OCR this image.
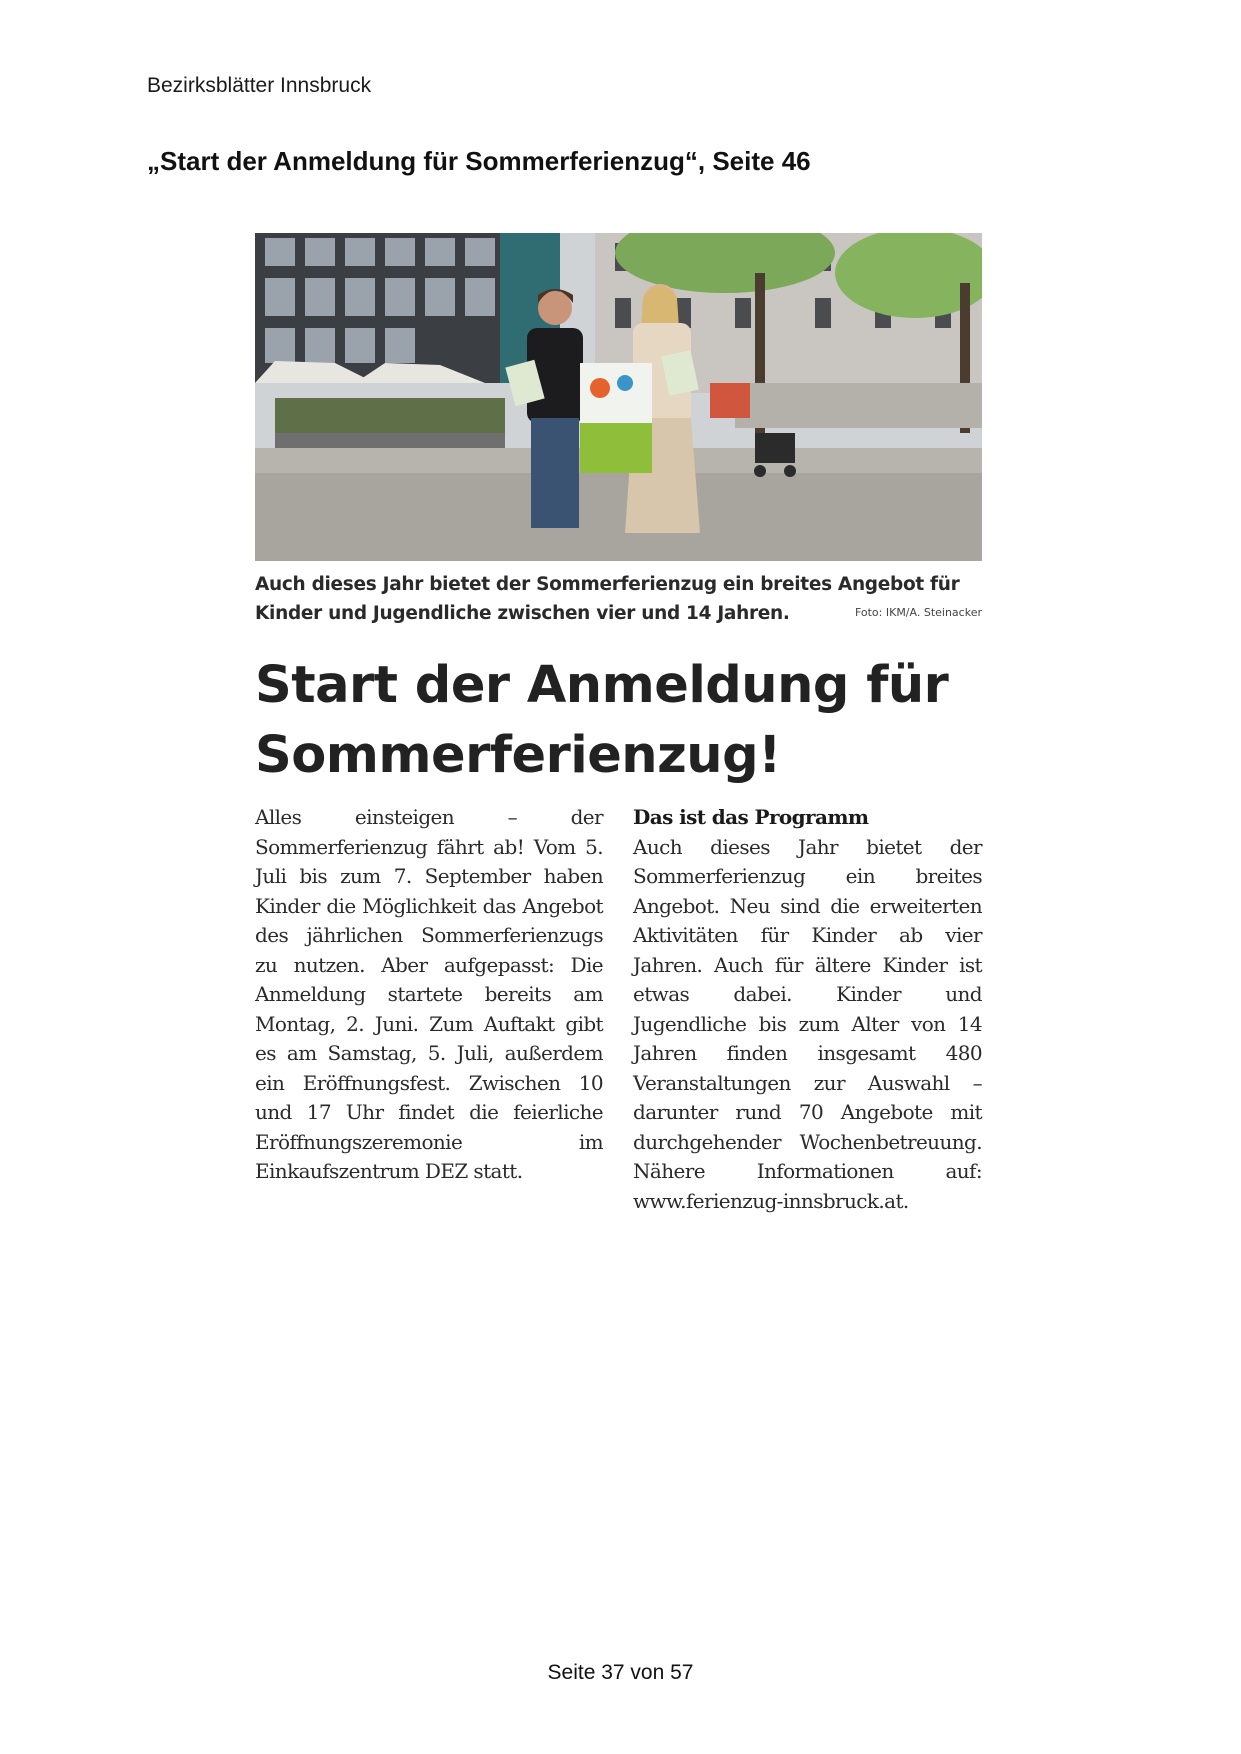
Bezirksblätter Innsbruck
„Start der Anmeldung für Sommerferienzug“, Seite 46
Auch dieses Jahr bietet der Sommerferienzug ein breites Angebot für Kinder und Jugendliche zwischen vier und 14 Jahren.	Foto: IKM/A. Steinacker
Start der Anmeldung für Sommerferienzug!

Alles einsteigen – der Sommerferienzug fährt ab! Vom 5. Juli bis zum 7. September haben Kinder die Möglichkeit das Angebot des jährlichen Sommerferienzugs zu nutzen. Aber aufgepasst: Die Anmeldung startete bereits am Montag, 2. Juni. Zum Auftakt gibt es am Samstag, 5. Juli, außerdem ein Eröffnungsfest. Zwischen 10 und 17 Uhr findet die feierliche Eröffnungszeremonie im Einkaufszentrum DEZ statt.

Das ist das Programm
Auch dieses Jahr bietet der Sommerferienzug ein breites Angebot. Neu sind die erweiterten Aktivitäten für Kinder ab vier Jahren. Auch für ältere Kinder ist etwas dabei. Kinder und Jugendliche bis zum Alter von 14 Jahren finden insgesamt 480 Veranstaltungen zur Auswahl – darunter rund 70 Angebote mit durchgehender Wochenbetreuung. Nähere Informationen auf: www.ferienzug-innsbruck.at.
Seite 37 von 57
